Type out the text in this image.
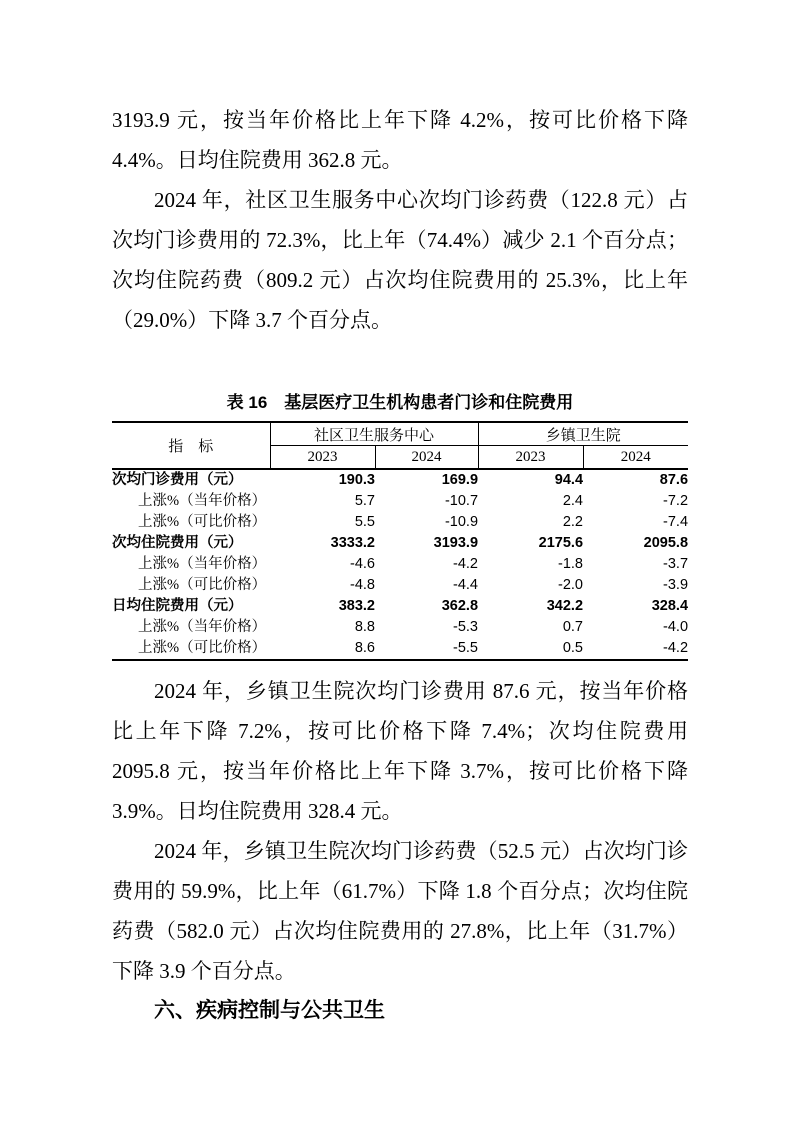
3193.9 元，按当年价格比上年下降 4.2%，按可比价格下降 4.4%。日均住院费用 362.8 元。

2024 年，社区卫生服务中心次均门诊药费（122.8 元）占次均门诊费用的 72.3%，比上年（74.4%）减少 2.1 个百分点；次均住院药费（809.2 元）占次均住院费用的 25.3%，比上年（29.0%）下降 3.7 个百分点。

表 16　基层医疗卫生机构患者门诊和住院费用
指　标	社区卫生服务中心		乡镇卫生院	
	2023	2024	2023	2024
次均门诊费用（元）	190.3	169.9	94.4	87.6
上涨%（当年价格）	5.7	-10.7	2.4	-7.2
上涨%（可比价格）	5.5	-10.9	2.2	-7.4
次均住院费用（元）	3333.2	3193.9	2175.6	2095.8
上涨%（当年价格）	-4.6	-4.2	-1.8	-3.7
上涨%（可比价格）	-4.8	-4.4	-2.0	-3.9
日均住院费用（元）	383.2	362.8	342.2	328.4
上涨%（当年价格）	8.8	-5.3	0.7	-4.0
上涨%（可比价格）	8.6	-5.5	0.5	-4.2

2024 年，乡镇卫生院次均门诊费用 87.6 元，按当年价格比上年下降 7.2%，按可比价格下降 7.4%；次均住院费用 2095.8 元，按当年价格比上年下降 3.7%，按可比价格下降 3.9%。日均住院费用 328.4 元。

2024 年，乡镇卫生院次均门诊药费（52.5 元）占次均门诊费用的 59.9%，比上年（61.7%）下降 1.8 个百分点；次均住院药费（582.0 元）占次均住院费用的 27.8%，比上年（31.7%）下降 3.9 个百分点。

六、疾病控制与公共卫生
